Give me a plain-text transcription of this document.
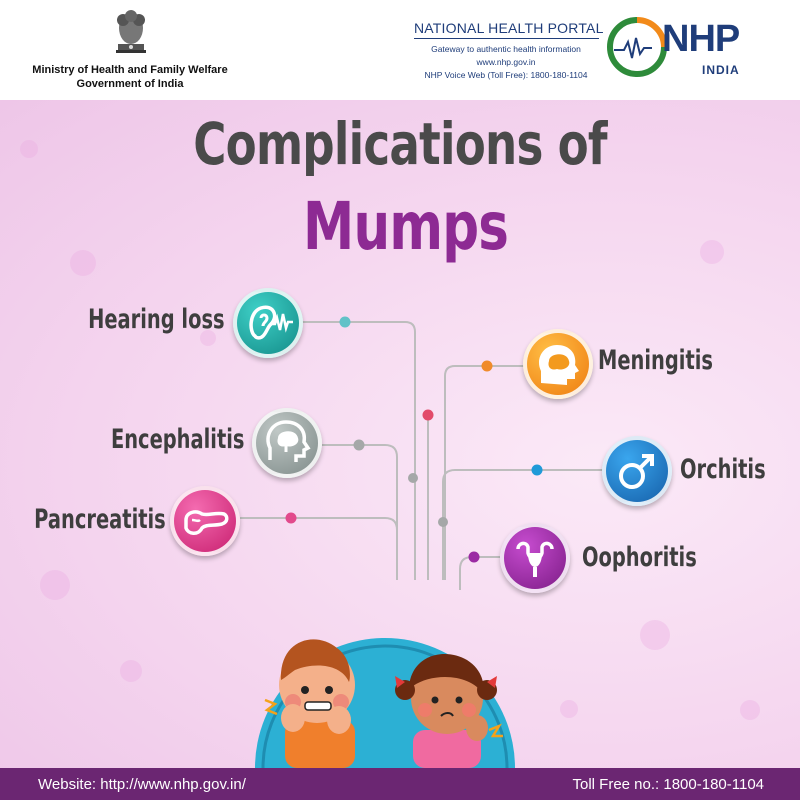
Ministry of Health and Family Welfare
Government of India
NATIONAL HEALTH PORTAL
Gateway to authentic health information
www.nhp.gov.in
NHP Voice Web (Toll Free): 1800-180-1104
NHP
INDIA
Complications of
Mumps
Hearing loss
Encephalitis
Pancreatitis
Meningitis
Orchitis
Oophoritis
Website: http://www.nhp.gov.in/	Toll Free no.: 1800-180-1104
